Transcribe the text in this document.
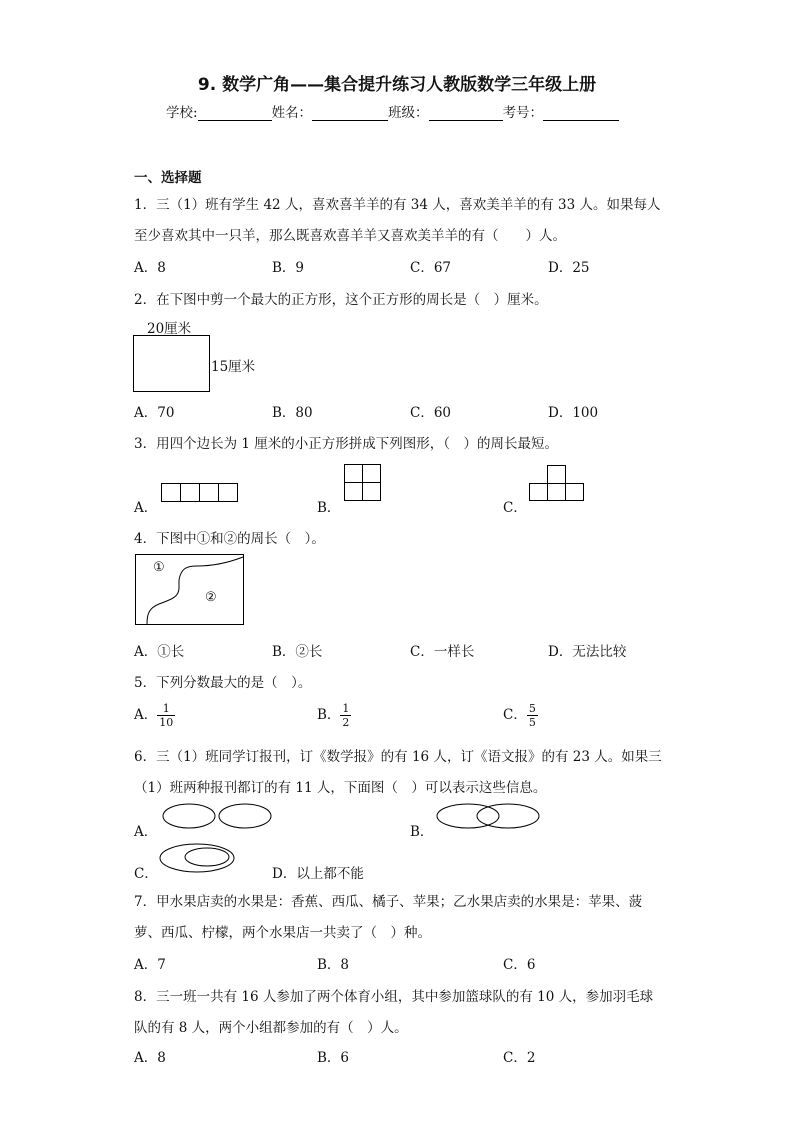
9. 数学广角——集合提升练习人教版数学三年级上册
学校:	姓名：	班级：	考号：
一、选择题
1．三（1）班有学生 42 人，喜欢喜羊羊的有 34 人，喜欢美羊羊的有 33 人。如果每人
至少喜欢其中一只羊，那么既喜欢喜羊羊又喜欢美羊羊的有（　　）人。
A．8	B．9	C．67	D．25
2．在下图中剪一个最大的正方形，这个正方形的周长是（　）厘米。
20厘米
15厘米
A．70	B．80	C．60	D．100
3．用四个边长为 1 厘米的小正方形拼成下列图形，（　）的周长最短。
A．	B．	C．
4．下图中①和②的周长（　）。
①
②
A．①长	B．②长	C．一样长	D．无法比较
5．下列分数最大的是（　）。
A． $\frac{1}{10}$	B． $\frac{1}{2}$	C． $\frac{5}{5}$
6．三（1）班同学订报刊，订《数学报》的有 16 人，订《语文报》的有 23 人。如果三
（1）班两种报刊都订的有 11 人，下面图（　）可以表示这些信息。
A．	B．
C．	D．以上都不能
7．甲水果店卖的水果是：香蕉、西瓜、橘子、苹果；乙水果店卖的水果是：苹果、菠
萝、西瓜、柠檬，两个水果店一共卖了（　）种。
A．7	B．8	C．6
8．三一班一共有 16 人参加了两个体育小组，其中参加篮球队的有 10 人，参加羽毛球
队的有 8 人，两个小组都参加的有（　）人。
A．8	B．6	C．2
